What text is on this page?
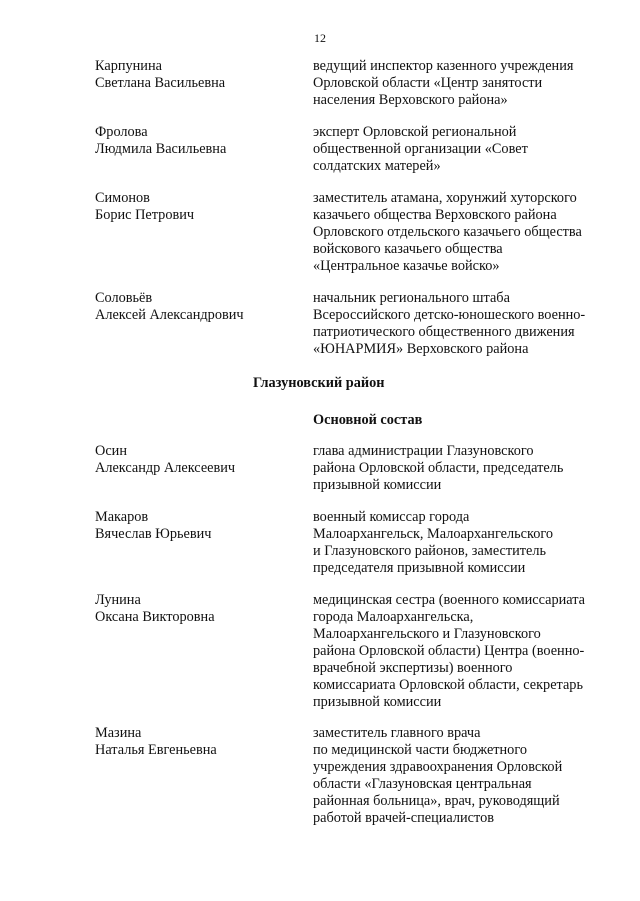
12
Карпунина
Светлана Васильевна
ведущий инспектор казенного учреждения
Орловской области «Центр занятости
населения Верховского района»
Фролова
Людмила Васильевна
эксперт Орловской региональной
общественной организации «Совет
солдатских матерей»
Симонов
Борис Петрович
заместитель атамана, хорунжий хуторского
казачьего общества Верховского района
Орловского отдельского казачьего общества
войскового казачьего общества
«Центральное казачье войско»
Соловьёв
Алексей Александрович
начальник регионального штаба
Всероссийского детско-юношеского военно-
патриотического общественного движения
«ЮНАРМИЯ» Верховского района
Глазуновский район
Основной состав
Осин
Александр Алексеевич
глава администрации Глазуновского
района Орловской области, председатель
призывной комиссии
Макаров
Вячеслав Юрьевич
военный комиссар города
Малоархангельск, Малоархангельского
и Глазуновского районов, заместитель
председателя призывной комиссии
Лунина
Оксана Викторовна
медицинская сестра (военного комиссариата
города Малоархангельска,
Малоархангельского и Глазуновского
района Орловской области) Центра (военно-
врачебной экспертизы) военного
комиссариата Орловской области, секретарь
призывной комиссии
Мазина
Наталья Евгеньевна
заместитель главного врача
по медицинской части бюджетного
учреждения здравоохранения Орловской
области «Глазуновская центральная
районная больница», врач, руководящий
работой врачей-специалистов
